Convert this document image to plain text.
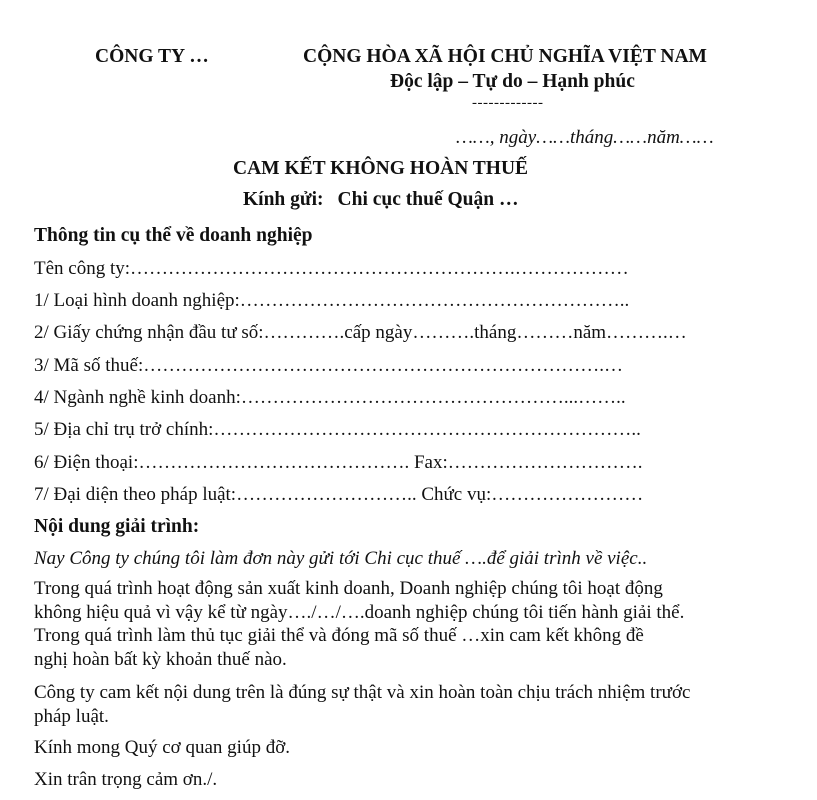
CÔNG TY …	CỘNG HÒA XÃ HỘI CHỦ NGHĨA VIỆT NAM
Độc lập – Tự do – Hạnh phúc
-------------
……, ngày……tháng……năm……
CAM KẾT KHÔNG HOÀN THUẾ
Kính gửi: Chi cục thuế Quận …
Thông tin cụ thể về doanh nghiệp
Tên công ty:…………………………………………………….………………
1/ Loại hình doanh nghiệp:……………………………………………………..
2/ Giấy chứng nhận đầu tư số:………….cấp ngày……….tháng………năm……….…
3/ Mã số thuế:……………………………………………………………….…
4/ Ngành nghề kinh doanh:……………………………………………...……..
5/ Địa chỉ trụ trở chính:…………………………………………………………..
6/ Điện thoại:……………………………………. Fax:………………………….
7/ Đại diện theo pháp luật:……………………….. Chức vụ:……………………
Nội dung giải trình:
Nay Công ty chúng tôi làm đơn này gửi tới Chi cục thuế ….để giải trình về việc..
Trong quá trình hoạt động sản xuất kinh doanh, Doanh nghiệp chúng tôi hoạt động
không hiệu quả vì vậy kể từ ngày…./…/….doanh nghiệp chúng tôi tiến hành giải thể.
Trong quá trình làm thủ tục giải thể và đóng mã số thuế …xin cam kết không đề
nghị hoàn bất kỳ khoản thuế nào.
Công ty cam kết nội dung trên là đúng sự thật và xin hoàn toàn chịu trách nhiệm trước
pháp luật.
Kính mong Quý cơ quan giúp đỡ.
Xin trân trọng cảm ơn./.
